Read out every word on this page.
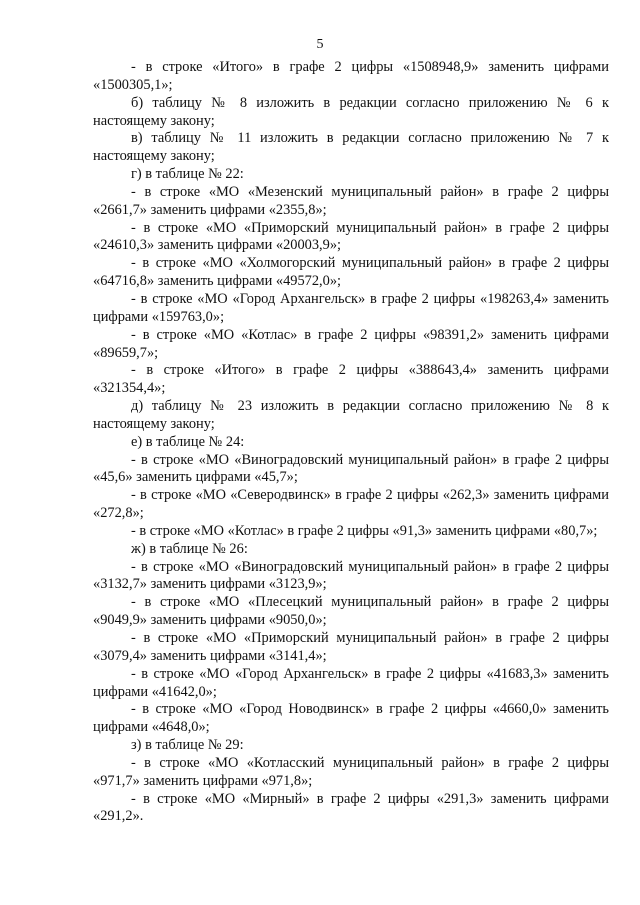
5

- в строке «Итого» в графе 2 цифры «1508948,9» заменить цифрами «1500305,1»;

б) таблицу № 8 изложить в редакции согласно приложению № 6 к настоящему закону;

в) таблицу № 11 изложить в редакции согласно приложению № 7 к настоящему закону;

г) в таблице № 22:

- в строке «МО «Мезенский муниципальный район» в графе 2 цифры «2661,7» заменить цифрами «2355,8»;

- в строке «МО «Приморский муниципальный район» в графе 2 цифры «24610,3» заменить цифрами «20003,9»;

- в строке «МО «Холмогорский муниципальный район» в графе 2 цифры «64716,8» заменить цифрами «49572,0»;

- в строке «МО «Город Архангельск» в графе 2 цифры «198263,4» заменить цифрами «159763,0»;

- в строке «МО «Котлас» в графе 2 цифры «98391,2» заменить цифрами «89659,7»;

- в строке «Итого» в графе 2 цифры «388643,4» заменить цифрами «321354,4»;

д) таблицу № 23 изложить в редакции согласно приложению № 8 к настоящему закону;

е) в таблице № 24:

- в строке «МО «Виноградовский муниципальный район» в графе 2 цифры «45,6» заменить цифрами «45,7»;

- в строке «МО «Северодвинск» в графе 2 цифры «262,3» заменить цифрами «272,8»;

- в строке «МО «Котлас» в графе 2 цифры «91,3» заменить цифрами «80,7»;

ж) в таблице № 26:

- в строке «МО «Виноградовский муниципальный район» в графе 2 цифры «3132,7» заменить цифрами «3123,9»;

- в строке «МО «Плесецкий муниципальный район» в графе 2 цифры «9049,9» заменить цифрами «9050,0»;

- в строке «МО «Приморский муниципальный район» в графе 2 цифры «3079,4» заменить цифрами «3141,4»;

- в строке «МО «Город Архангельск» в графе 2 цифры «41683,3» заменить цифрами «41642,0»;

- в строке «МО «Город Новодвинск» в графе 2 цифры «4660,0» заменить цифрами «4648,0»;

з) в таблице № 29:

- в строке «МО «Котласский муниципальный район» в графе 2 цифры «971,7» заменить цифрами «971,8»;

- в строке «МО «Мирный» в графе 2 цифры «291,3» заменить цифрами «291,2».
